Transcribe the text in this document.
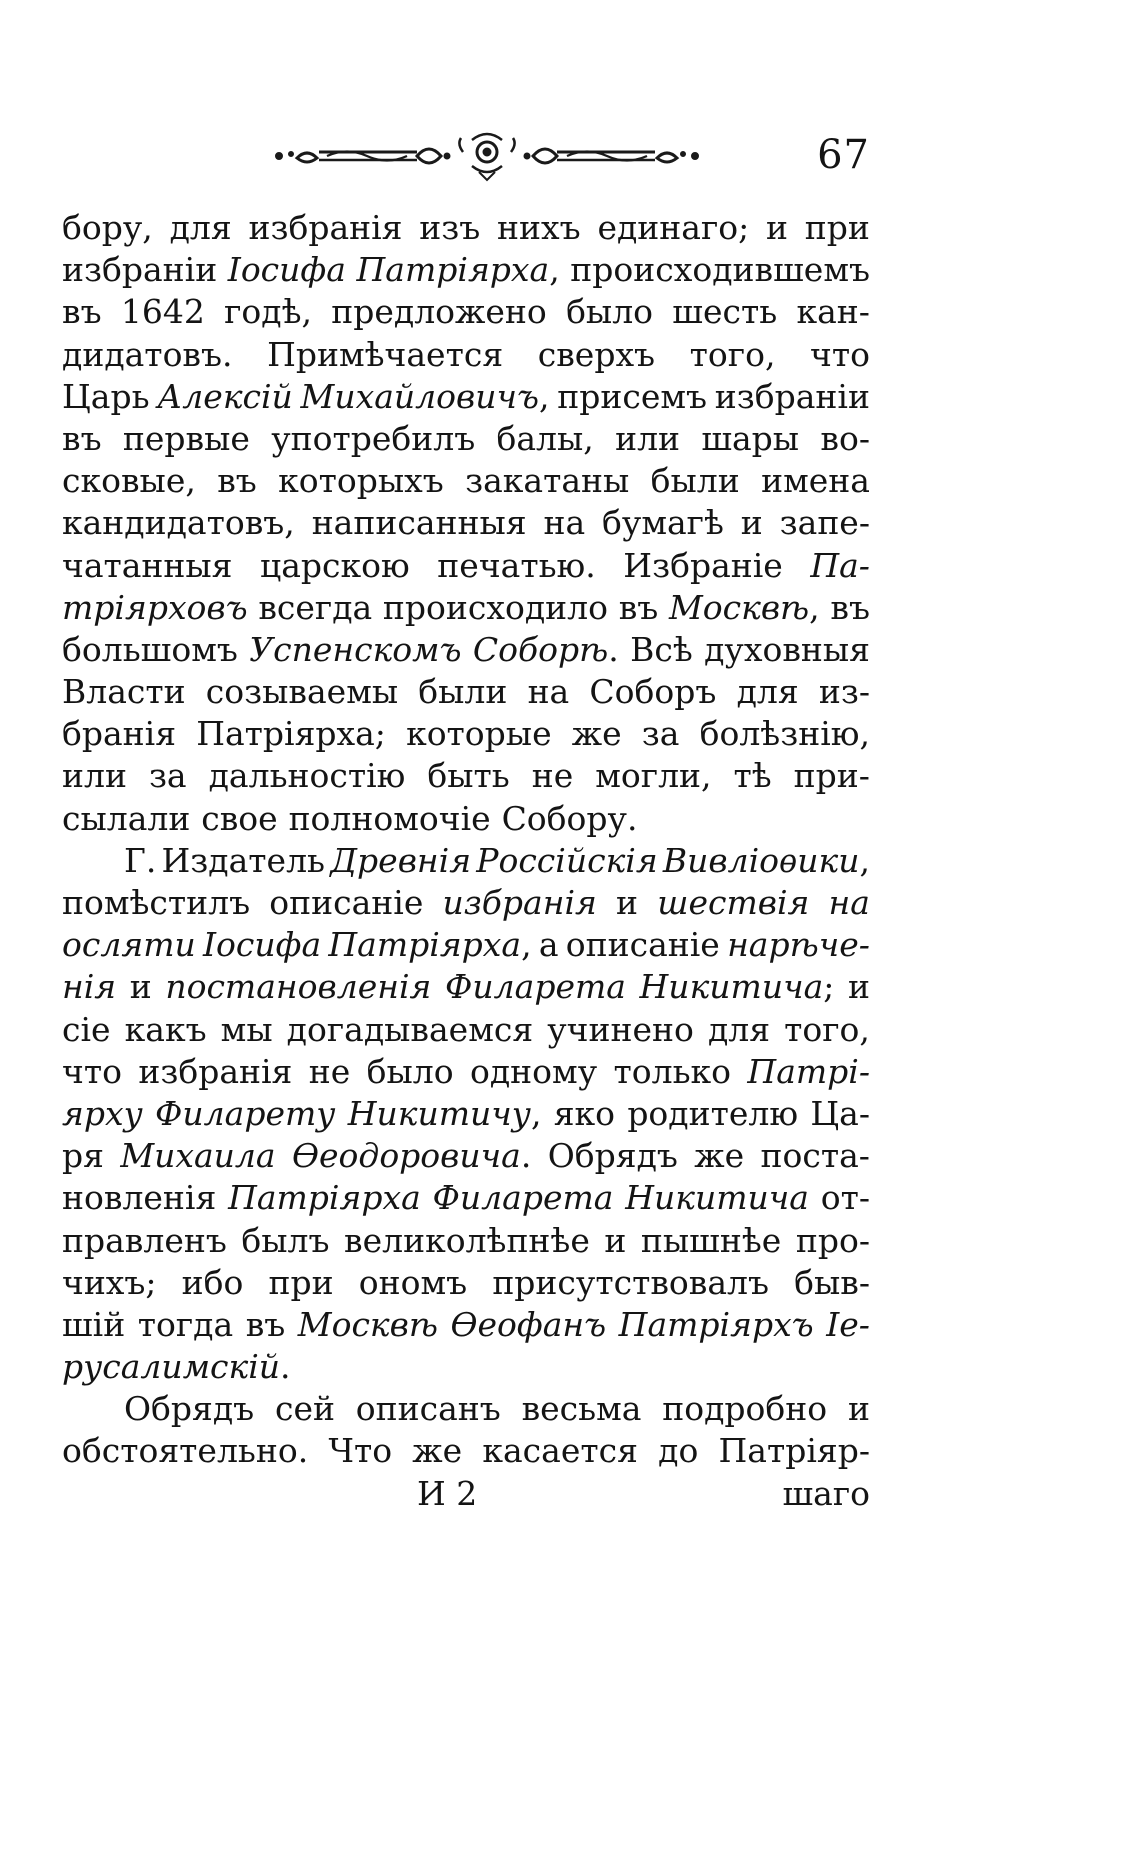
67
бору, для избранія изъ нихъ единаго; и при
избраніи Іосифа Патріярха, происходившемъ
въ 1642 годѣ, предложено было шесть кан-
дидатовъ. Примѣчается сверхъ того, что
Царь Алексій Михайловичъ, присемъ избраніи
въ первые употребилъ балы, или шары во-
сковые, въ которыхъ закатаны были имена
кандидатовъ, написанныя на бумагѣ и запе-
чатанныя царскою печатью. Избраніе Па-
тріярховъ всегда происходило въ Москвѣ, въ
большомъ Успенскомъ Соборѣ. Всѣ духовныя
Власти созываемы были на Соборъ для из-
бранія Патріярха; которые же за болѣзнію,
или за дальностію быть не могли, тѣ при-
сылали свое полномочіе Собору.
Г. Издатель Древнія Россійскія Вивліоѳики,
помѣстилъ описаніе избранія и шествія на
осляти Іосифа Патріярха, а описаніе нарѣче-
нія и постановленія Филарета Никитича; и
сіе какъ мы догадываемся учинено для того,
что избранія не было одному только Патрі-
ярху Филарету Никитичу, яко родителю Ца-
ря Михаила Ѳеодоровича. Обрядъ же поста-
новленія Патріярха Филарета Никитича от-
правленъ былъ великолѣпнѣе и пышнѣе про-
чихъ; ибо при ономъ присутствовалъ быв-
шій тогда въ Москвѣ Ѳеофанъ Патріярхъ Іе-
русалимскій.
Обрядъ сей описанъ весьма подробно и
обстоятельно. Что же касается до Патріяр-
И 2	шаго
